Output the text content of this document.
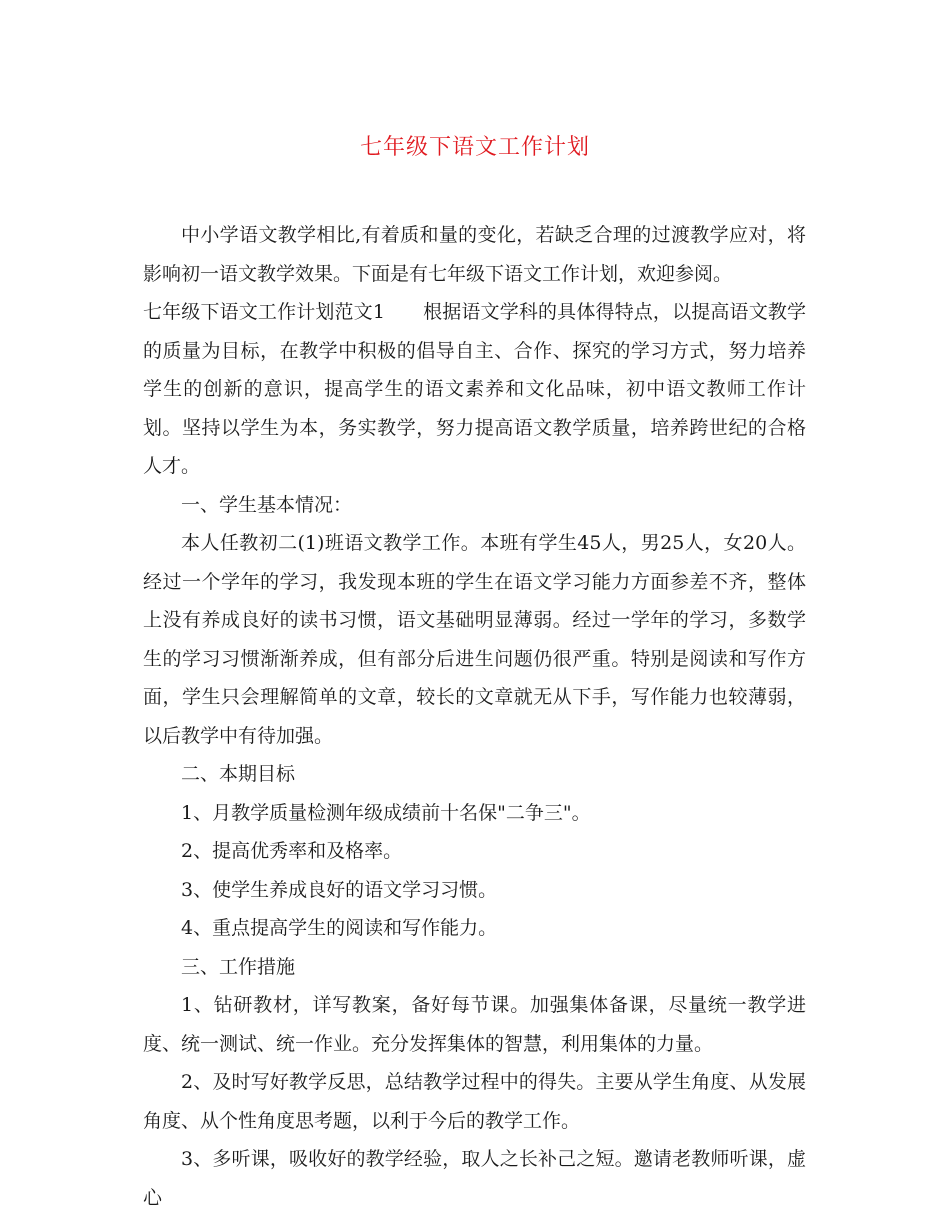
七年级下语文工作计划

中小学语文教学相比,有着质和量的变化，若缺乏合理的过渡教学应对，将影响初一语文教学效果。下面是有七年级下语文工作计划，欢迎参阅。

七年级下语文工作计划范文1 根据语文学科的具体得特点，以提高语文教学的质量为目标，在教学中积极的倡导自主、合作、探究的学习方式，努力培养学生的创新的意识，提高学生的语文素养和文化品味，初中语文教师工作计划。坚持以学生为本，务实教学，努力提高语文教学质量，培养跨世纪的合格人才。

一、学生基本情况：

本人任教初二(1)班语文教学工作。本班有学生45人，男25人，女20人。经过一个学年的学习，我发现本班的学生在语文学习能力方面参差不齐，整体上没有养成良好的读书习惯，语文基础明显薄弱。经过一学年的学习，多数学生的学习习惯渐渐养成，但有部分后进生问题仍很严重。特别是阅读和写作方面，学生只会理解简单的文章，较长的文章就无从下手，写作能力也较薄弱，以后教学中有待加强。

二、本期目标

1、月教学质量检测年级成绩前十名保"二争三"。

2、提高优秀率和及格率。

3、使学生养成良好的语文学习习惯。

4、重点提高学生的阅读和写作能力。

三、工作措施

1、钻研教材，详写教案，备好每节课。加强集体备课，尽量统一教学进度、统一测试、统一作业。充分发挥集体的智慧，利用集体的力量。

2、及时写好教学反思，总结教学过程中的得失。主要从学生角度、从发展角度、从个性角度思考题，以利于今后的教学工作。

3、多听课，吸收好的教学经验，取人之长补己之短。邀请老教师听课，虚心
